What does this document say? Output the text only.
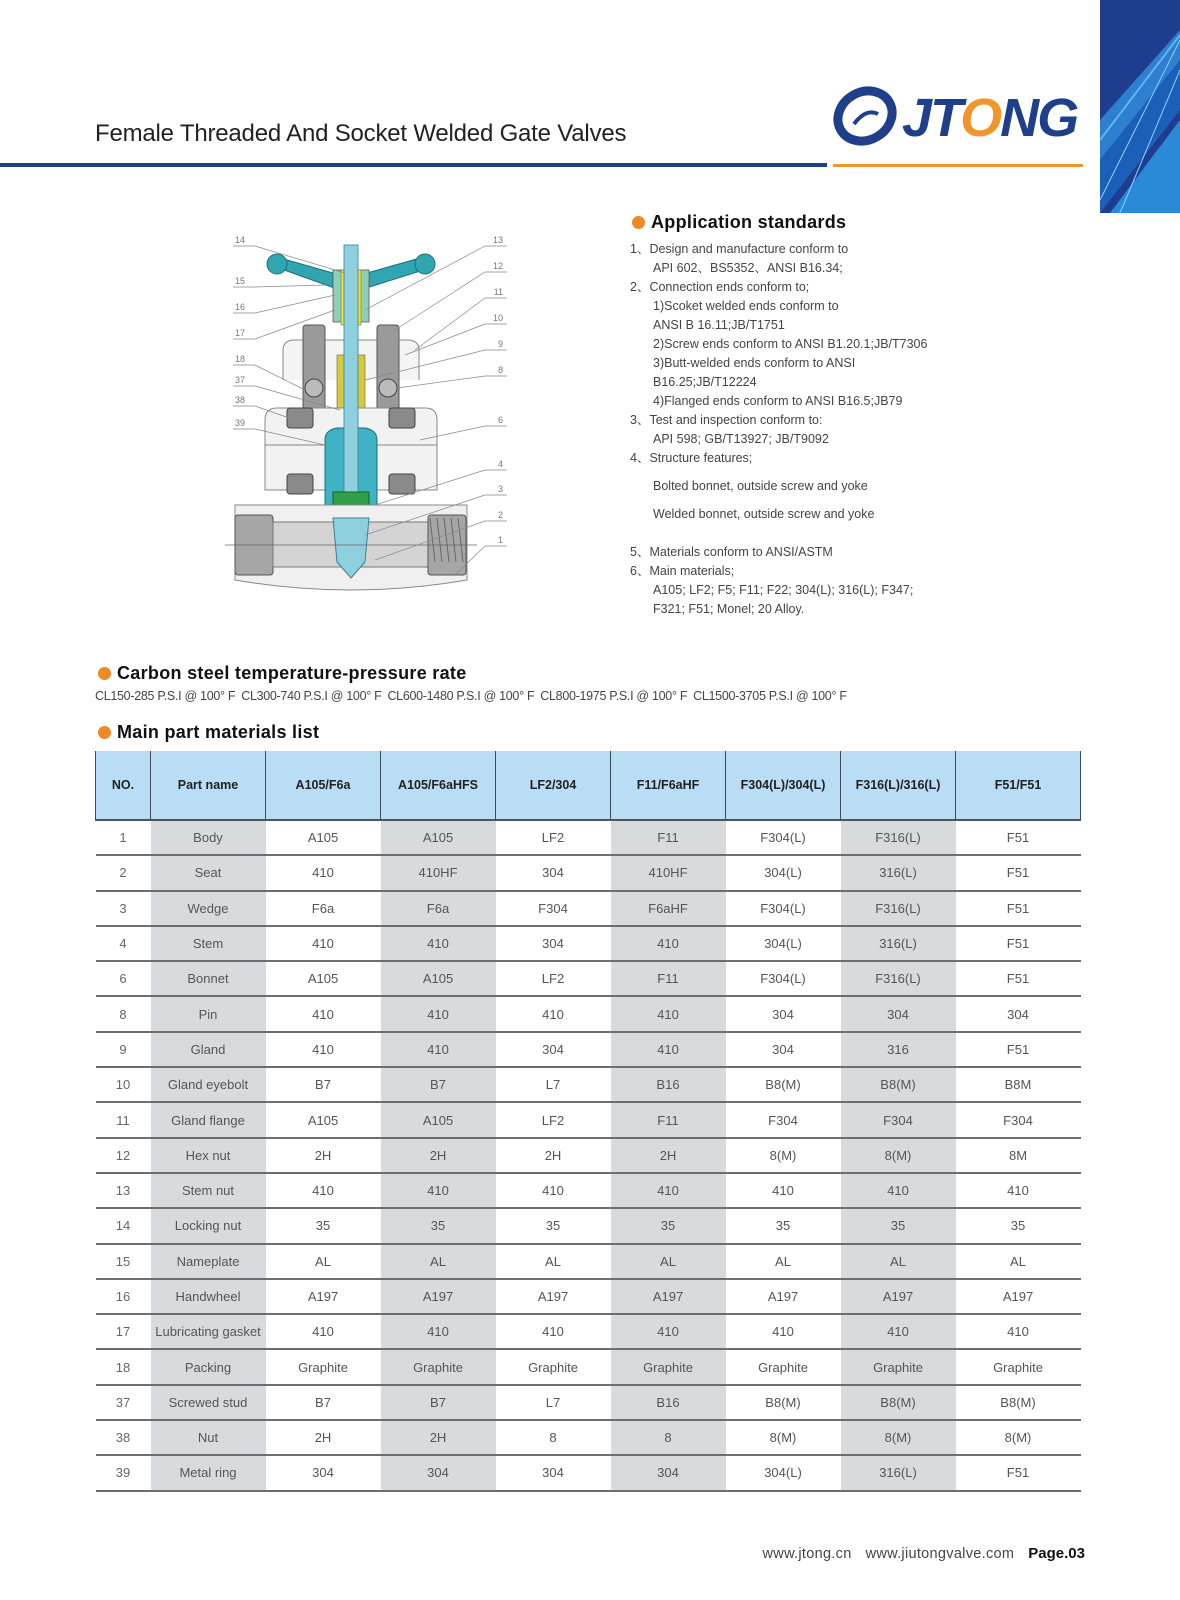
Female Threaded And Socket Welded Gate Valves	JTONG
14
15
16
17
18
37
38
39
13
12
11
10
9
8
6
4
3
2
1
Application standards
1、Design and manufacture conform to
API 602、BS5352、ANSI B16.34;
2、Connection ends conform to;
1)Scoket welded ends conform to
ANSI B 16.11;JB/T1751
2)Screw ends conform to ANSI B1.20.1;JB/T7306
3)Butt-welded ends conform to ANSI
B16.25;JB/T12224
4)Flanged ends conform to ANSI B16.5;JB79
3、Test and inspection conform to:
API 598; GB/T13927; JB/T9092
4、Structure features;
Bolted bonnet, outside screw and yoke
Welded bonnet, outside screw and yoke
5、Materials conform to ANSI/ASTM
6、Main materials;
A105; LF2; F5; F11; F22; 304(L); 316(L); F347;
F321; F51; Monel; 20 Alloy.
Carbon steel temperature-pressure rate
CL150-285 P.S.I @ 100° F CL300-740 P.S.I @ 100° F CL600-1480 P.S.I @ 100° F CL800-1975 P.S.I @ 100° F CL1500-3705 P.S.I @ 100° F
Main part materials list
NO.	Part name	A105/F6a	A105/F6aHFS	LF2/304	F11/F6aHF	F304(L)/304(L)	F316(L)/316(L)	F51/F51
1	Body	A105	A105	LF2	F11	F304(L)	F316(L)	F51
2	Seat	410	410HF	304	410HF	304(L)	316(L)	F51
3	Wedge	F6a	F6a	F304	F6aHF	F304(L)	F316(L)	F51
4	Stem	410	410	304	410	304(L)	316(L)	F51
6	Bonnet	A105	A105	LF2	F11	F304(L)	F316(L)	F51
8	Pin	410	410	410	410	304	304	304
9	Gland	410	410	304	410	304	316	F51
10	Gland eyebolt	B7	B7	L7	B16	B8(M)	B8(M)	B8M
11	Gland flange	A105	A105	LF2	F11	F304	F304	F304
12	Hex nut	2H	2H	2H	2H	8(M)	8(M)	8M
13	Stem nut	410	410	410	410	410	410	410
14	Locking nut	35	35	35	35	35	35	35
15	Nameplate	AL	AL	AL	AL	AL	AL	AL
16	Handwheel	A197	A197	A197	A197	A197	A197	A197
17	Lubricating gasket	410	410	410	410	410	410	410
18	Packing	Graphite	Graphite	Graphite	Graphite	Graphite	Graphite	Graphite
37	Screwed stud	B7	B7	L7	B16	B8(M)	B8(M)	B8(M)
38	Nut	2H	2H	8	8	8(M)	8(M)	8(M)
39	Metal ring	304	304	304	304	304(L)	316(L)	F51
www.jtong.cn www.jiutongvalve.com Page.03
